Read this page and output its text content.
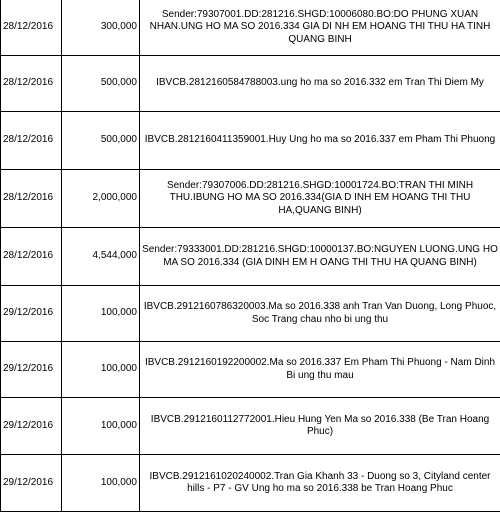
28/12/2016	300,000	Sender:79307001.DD:281216.SHGD:10006080.BO:DO PHUNG XUAN NHAN.UNG HO MA SO 2016.334 GIA DI NH EM HOANG THI THU HA TINH QUANG BINH
28/12/2016	500,000	IBVCB.2812160584788003.ung ho ma so 2016.332 em Tran Thi Diem My
28/12/2016	500,000	IBVCB.2812160411359001.Huy Ung ho ma so 2016.337 em Pham Thi Phuong
28/12/2016	2,000,000	Sender:79307006.DD:281216.SHGD:10001724.BO:TRAN THI MINH THU.IBUNG HO MA SO 2016.334(GIA D INH EM HOANG THI THU HA,QUANG BINH)
28/12/2016	4,544,000	Sender:79333001.DD:281216.SHGD:10000137.BO:NGUYEN LUONG.UNG HO MA SO 2016.334 (GIA DINH EM H OANG THI THU HA QUANG BINH)
29/12/2016	100,000	IBVCB.2912160786320003.Ma so 2016.338 anh Tran Van Duong, Long Phuoc, Soc Trang chau nho bi ung thu
29/12/2016	100,000	IBVCB.2912160192200002.Ma so 2016.337 Em Pham Thi Phuong - Nam Dinh Bi ung thu mau
29/12/2016	100,000	IBVCB.2912160112772001.Hieu Hung Yen Ma so 2016.338 (Be Tran Hoang Phuc)
29/12/2016	100,000	IBVCB.2912161020240002.Tran Gia Khanh 33 - Duong so 3, Cityland center hills - P7 - GV Ung ho ma so 2016.338 be Tran Hoang Phuc
